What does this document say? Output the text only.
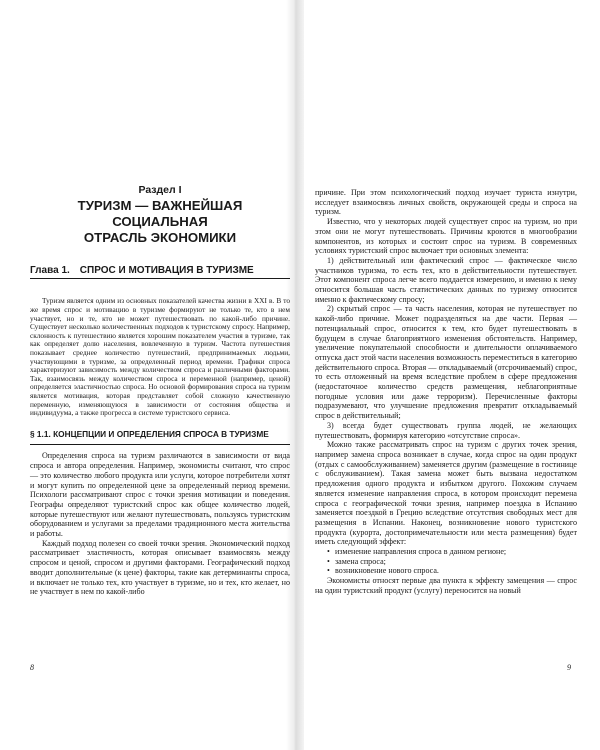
Раздел I
ТУРИЗМ — ВАЖНЕЙШАЯ СОЦИАЛЬНАЯ
ОТРАСЛЬ ЭКОНОМИКИ
Глава 1. СПРОС И МОТИВАЦИЯ В ТУРИЗМЕ

Туризм является одним из основных показателей качества жизни в XXI в. В то же время спрос и мотивацию в туризме формируют не только те, кто в нем участвует, но и те, кто не может путешествовать по какой-либо причине. Существует несколько количественных подходов к туристскому спросу. Например, склонность к путешествию является хорошим показателем участия в туризме, так как определяет долю населения, вовлеченную в туризм. Частота путешествия показывает среднее количество путешествий, предпринимаемых людьми, участвующими в туризме, за определенный период времени. Графики спроса характеризуют зависимость между количеством спроса и различными факторами. Так, взаимосвязь между количеством спроса и переменной (например, ценой) определяется эластичностью спроса. Но основой формирования спроса на туризм является мотивация, которая представляет собой сложную качественную переменную, изменяющуюся в зависимости от состояния общества и индивидуума, а также прогресса в системе туристского сервиса.

§ 1.1. КОНЦЕПЦИИ И ОПРЕДЕЛЕНИЯ СПРОСА В ТУРИЗМЕ

Определения спроса на туризм различаются в зависимости от вида спроса и автора определения. Например, экономисты считают, что спрос — это количество любого продукта или услуги, которое потребители хотят и могут купить по определенной цене за определенный период времени. Психологи рассматривают спрос с точки зрения мотивации и поведения. Географы определяют туристский спрос как общее количество людей, которые путешествуют или желают путешествовать, пользуясь туристским оборудованием и услугами за пределами традиционного места жительства и работы.

Каждый подход полезен со своей точки зрения. Экономический подход рассматривает эластичность, которая описывает взаимосвязь между спросом и ценой, спросом и другими факторами. Географический подход вводит дополнительные (к цене) факторы, такие как детерминанты спроса, и включает не только тех, кто участвует в туризме, но и тех, кто желает, но не участвует в нем по какой-либо

причине. При этом психологический подход изучает туриста изнутри, исследует взаимосвязь личных свойств, окружающей среды и спроса на туризм.

Известно, что у некоторых людей существует спрос на туризм, но при этом они не могут путешествовать. Причины кроются в многообразии компонентов, из которых и состоит спрос на туризм. В современных условиях туристский спрос включает три основных элемента:

1) действительный или фактический спрос — фактическое число участников туризма, то есть тех, кто в действительности путешествует. Этот компонент спроса легче всего поддается измерению, и именно к нему относится большая часть статистических данных по туризму относится именно к фактическому спросу;

2) скрытый спрос — та часть населения, которая не путешествует по какой-либо причине. Может подразделяться на две части. Первая — потенциальный спрос, относится к тем, кто будет путешествовать в будущем в случае благоприятного изменения обстоятельств. Например, увеличение покупательной способности и длительности оплачиваемого отпуска даст этой части населения возможность переместиться в категорию действительного спроса. Вторая — откладываемый (отсрочиваемый) спрос, то есть отложенный на время вследствие проблем в сфере предложения (недостаточное количество средств размещения, неблагоприятные погодные условия или даже терроризм). Перечисленные факторы подразумевают, что улучшение предложения превратит откладываемый спрос в действительный;

3) всегда будет существовать группа людей, не желающих путешествовать, формируя категорию «отсутствие спроса».

Можно также рассматривать спрос на туризм с других точек зрения, например замена спроса возникает в случае, когда спрос на один продукт (отдых с самообслуживанием) заменяется другим (размещение в гостинице с обслуживанием). Такая замена может быть вызвана недостатком предложения одного продукта и избытком другого. Похожим случаем является изменение направления спроса, в котором происходит перемена спроса с географической точки зрения, например поездка в Испанию заменяется поездкой в Грецию вследствие отсутствия свободных мест для размещения в Испании. Наконец, возникновение нового туристского продукта (курорта, достопримечательности или места размещения) будет иметь следующий эффект:

• изменение направления спроса в данном регионе;
• замена спроса;
• возникновение нового спроса.

Экономисты относят первые два пункта к эффекту замещения — спрос на один туристский продукт (услугу) переносится на новый

8	9
